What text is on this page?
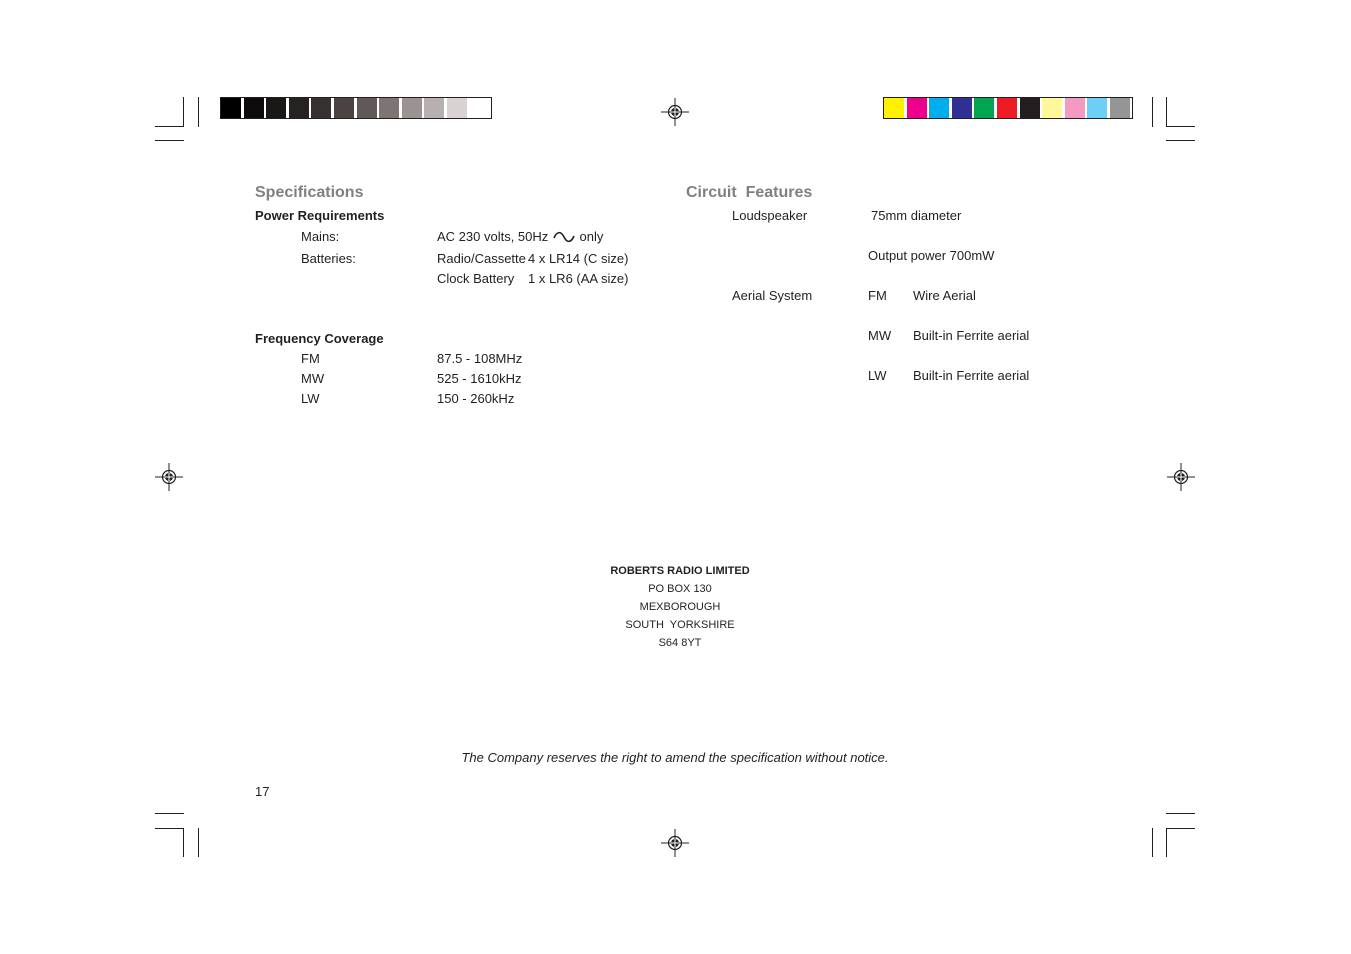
Specifications
Power Requirements
Mains:	AC 230 volts, 50Hz only
Batteries:	Radio/Cassette 4 x LR14 (C size)
Clock Battery 1 x LR6 (AA size)
Frequency Coverage
FM	87.5 - 108MHz
MW	525 - 1610kHz
LW	150 - 260kHz
Circuit  Features
Loudspeaker	75mm diameter
Output power 700mW
Aerial System	FM Wire Aerial
MW Built-in Ferrite aerial
LW Built-in Ferrite aerial
ROBERTS RADIO LIMITED
PO BOX 130
MEXBOROUGH
SOUTH  YORKSHIRE
S64 8YT
The Company reserves the right to amend the specification without notice.
17
